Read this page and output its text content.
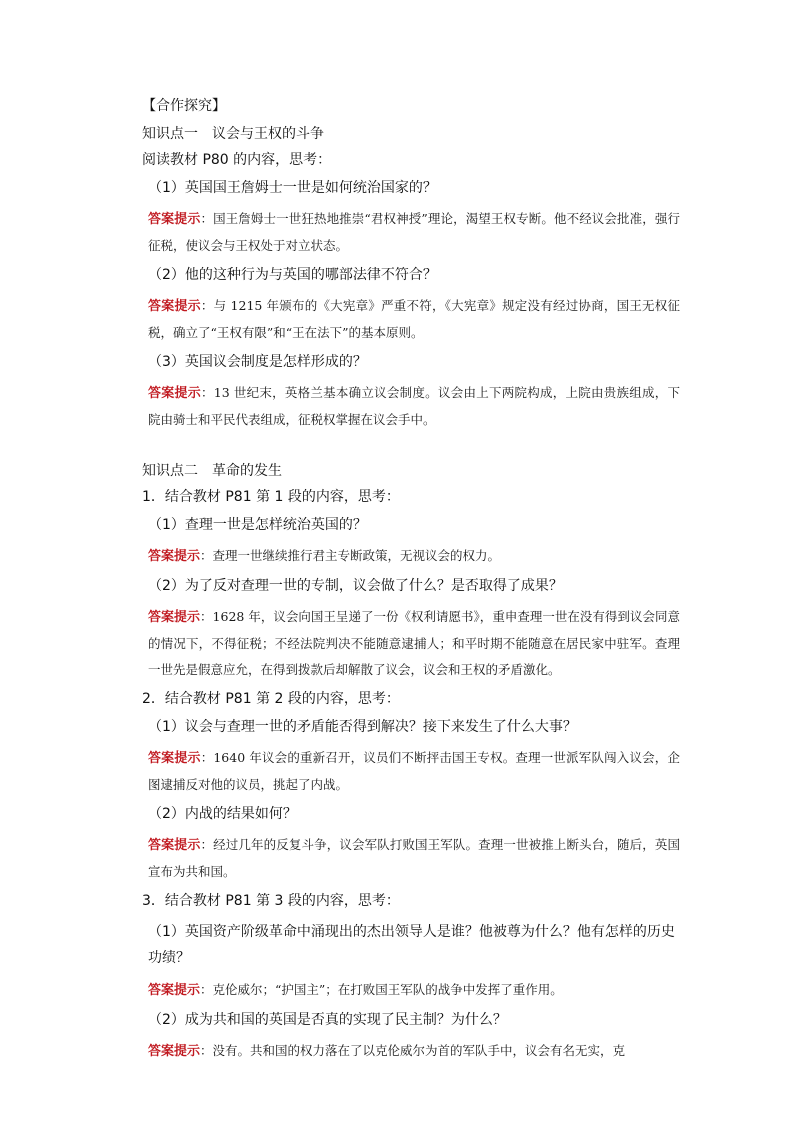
【合作探究】

知识点一　议会与王权的斗争

阅读教材 P80 的内容，思考：

（1）英国国王詹姆士一世是如何统治国家的？

答案提示：国王詹姆士一世狂热地推崇“君权神授”理论，渴望王权专断。他不经议会批准，强行征税，使议会与王权处于对立状态。

（2）他的这种行为与英国的哪部法律不符合？

答案提示：与 1215 年颁布的《大宪章》严重不符，《大宪章》规定没有经过协商，国王无权征税，确立了“王权有限”和“王在法下”的基本原则。

（3）英国议会制度是怎样形成的？

答案提示：13 世纪末，英格兰基本确立议会制度。议会由上下两院构成，上院由贵族组成，下院由骑士和平民代表组成，征税权掌握在议会手中。

知识点二　革命的发生

1．结合教材 P81 第 1 段的内容，思考：

（1）查理一世是怎样统治英国的？

答案提示：查理一世继续推行君主专断政策，无视议会的权力。

（2）为了反对查理一世的专制，议会做了什么？是否取得了成果？

答案提示：1628 年，议会向国王呈递了一份《权利请愿书》，重申查理一世在没有得到议会同意的情况下，不得征税；不经法院判决不能随意逮捕人；和平时期不能随意在居民家中驻军。查理一世先是假意应允，在得到拨款后却解散了议会，议会和王权的矛盾激化。

2．结合教材 P81 第 2 段的内容，思考：

（1）议会与查理一世的矛盾能否得到解决？接下来发生了什么大事？

答案提示：1640 年议会的重新召开，议员们不断抨击国王专权。查理一世派军队闯入议会，企图逮捕反对他的议员，挑起了内战。

（2）内战的结果如何？

答案提示：经过几年的反复斗争，议会军队打败国王军队。查理一世被推上断头台，随后，英国宣布为共和国。

3．结合教材 P81 第 3 段的内容，思考：

（1）英国资产阶级革命中涌现出的杰出领导人是谁？他被尊为什么？他有怎样的历史功绩？

答案提示：克伦威尔；“护国主”；在打败国王军队的战争中发挥了重作用。

（2）成为共和国的英国是否真的实现了民主制？为什么？

答案提示：没有。共和国的权力落在了以克伦威尔为首的军队手中，议会有名无实，克
